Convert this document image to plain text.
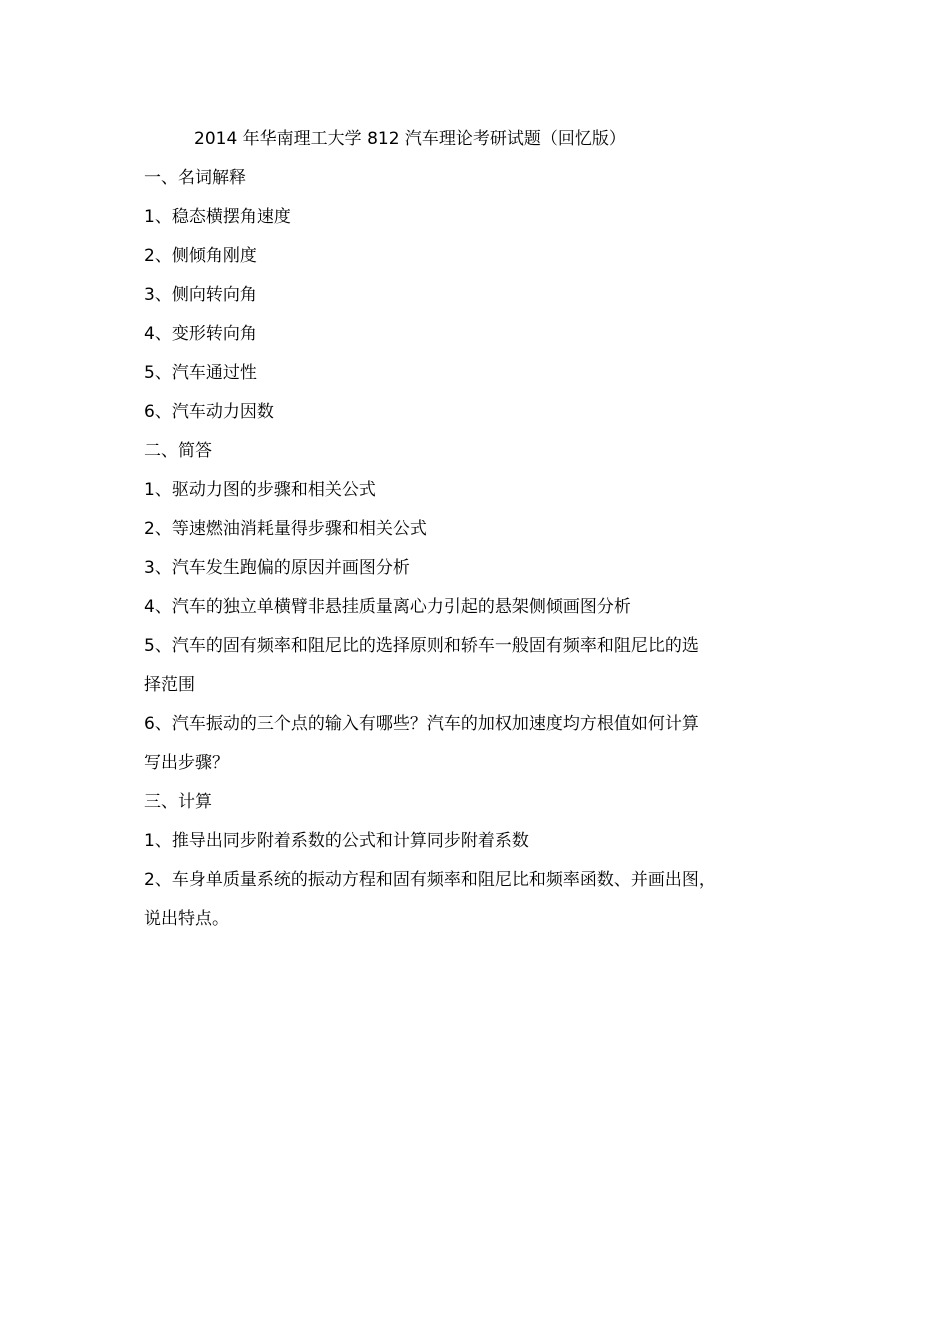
2014 年华南理工大学 812 汽车理论考研试题（回忆版）

一、名词解释

1、稳态横摆角速度

2、侧倾角刚度

3、侧向转向角

4、变形转向角

5、汽车通过性

6、汽车动力因数

二、简答

1、驱动力图的步骤和相关公式

2、等速燃油消耗量得步骤和相关公式

3、汽车发生跑偏的原因并画图分析

4、汽车的独立单横臂非悬挂质量离心力引起的悬架侧倾画图分析

5、汽车的固有频率和阻尼比的选择原则和轿车一般固有频率和阻尼比的选

择范围

6、汽车振动的三个点的输入有哪些？汽车的加权加速度均方根值如何计算

写出步骤？

三、计算

1、推导出同步附着系数的公式和计算同步附着系数

2、车身单质量系统的振动方程和固有频率和阻尼比和频率函数、并画出图，

说出特点。
